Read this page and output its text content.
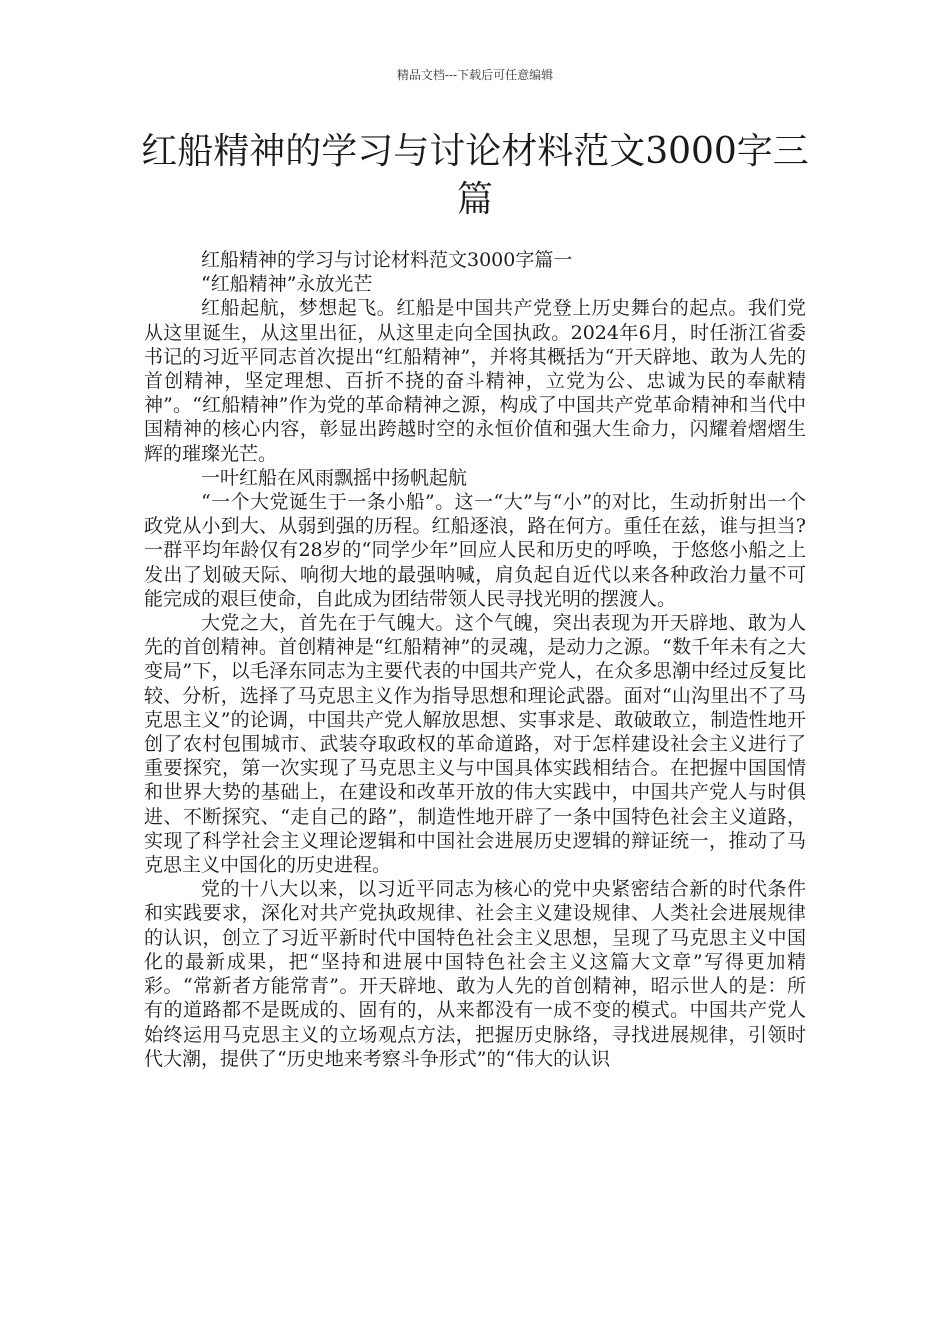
精品文档---下载后可任意编辑
红船精神的学习与讨论材料范文3000字三篇

红船精神的学习与讨论材料范文3000字篇一

“红船精神”永放光芒

红船起航，梦想起飞。红船是中国共产党登上历史舞台的起点。我们党从这里诞生，从这里出征，从这里走向全国执政。2024年6月，时任浙江省委书记的习近平同志首次提出“红船精神”，并将其概括为“开天辟地、敢为人先的首创精神，坚定理想、百折不挠的奋斗精神，立党为公、忠诚为民的奉献精神”。“红船精神”作为党的革命精神之源，构成了中国共产党革命精神和当代中国精神的核心内容，彰显出跨越时空的永恒价值和强大生命力，闪耀着熠熠生辉的璀璨光芒。

一叶红船在风雨飘摇中扬帆起航

“一个大党诞生于一条小船”。这一“大”与“小”的对比，生动折射出一个政党从小到大、从弱到强的历程。红船逐浪，路在何方。重任在兹，谁与担当?一群平均年龄仅有28岁的“同学少年”回应人民和历史的呼唤，于悠悠小船之上发出了划破天际、响彻大地的最强呐喊，肩负起自近代以来各种政治力量不可能完成的艰巨使命，自此成为团结带领人民寻找光明的摆渡人。

大党之大，首先在于气魄大。这个气魄，突出表现为开天辟地、敢为人先的首创精神。首创精神是“红船精神”的灵魂，是动力之源。“数千年未有之大变局”下，以毛泽东同志为主要代表的中国共产党人，在众多思潮中经过反复比较、分析，选择了马克思主义作为指导思想和理论武器。面对“山沟里出不了马克思主义”的论调，中国共产党人解放思想、实事求是、敢破敢立，制造性地开创了农村包围城市、武装夺取政权的革命道路，对于怎样建设社会主义进行了重要探究，第一次实现了马克思主义与中国具体实践相结合。在把握中国国情和世界大势的基础上，在建设和改革开放的伟大实践中，中国共产党人与时俱进、不断探究、“走自己的路”，制造性地开辟了一条中国特色社会主义道路，实现了科学社会主义理论逻辑和中国社会进展历史逻辑的辩证统一，推动了马克思主义中国化的历史进程。

党的十八大以来，以习近平同志为核心的党中央紧密结合新的时代条件和实践要求，深化对共产党执政规律、社会主义建设规律、人类社会进展规律的认识，创立了习近平新时代中国特色社会主义思想，呈现了马克思主义中国化的最新成果，把“坚持和进展中国特色社会主义这篇大文章”写得更加精彩。“常新者方能常青”。开天辟地、敢为人先的首创精神，昭示世人的是：所有的道路都不是既成的、固有的，从来都没有一成不变的模式。中国共产党人始终运用马克思主义的立场观点方法，把握历史脉络，寻找进展规律，引领时代大潮，提供了“历史地来考察斗争形式”的“伟大的认识
